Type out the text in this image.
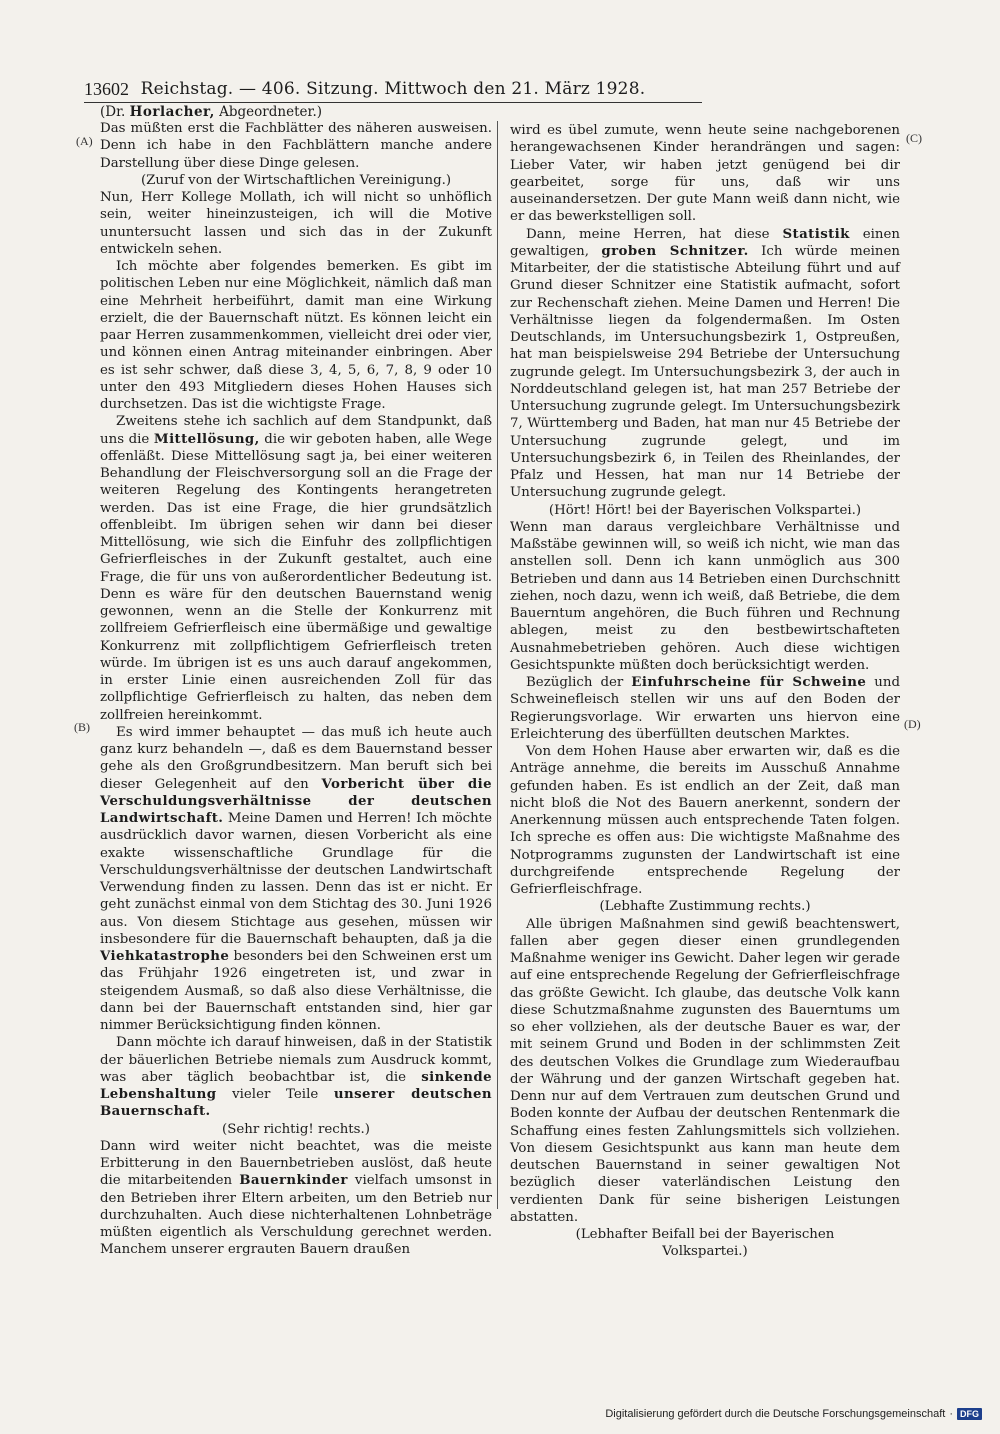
13602 Reichstag. — 406. Sitzung. Mittwoch den 21. März 1928.
(Dr. Horlacher, Abgeordneter.)
(A)
(B)
(C)
(D)

Das müßten erst die Fachblätter des näheren ausweisen. Denn ich habe in den Fachblättern manche andere Darstellung über diese Dinge gelesen.

(Zuruf von der Wirtschaftlichen Vereinigung.)

Nun, Herr Kollege Mollath, ich will nicht so unhöflich sein, weiter hineinzusteigen, ich will die Motive ununtersucht lassen und sich das in der Zukunft entwickeln sehen.

Ich möchte aber folgendes bemerken. Es gibt im politischen Leben nur eine Möglichkeit, nämlich daß man eine Mehrheit herbeiführt, damit man eine Wirkung erzielt, die der Bauernschaft nützt. Es können leicht ein paar Herren zusammenkommen, vielleicht drei oder vier, und können einen Antrag miteinander einbringen. Aber es ist sehr schwer, daß diese 3, 4, 5, 6, 7, 8, 9 oder 10 unter den 493 Mitgliedern dieses Hohen Hauses sich durchsetzen. Das ist die wichtigste Frage.

Zweitens stehe ich sachlich auf dem Standpunkt, daß uns die Mittellösung, die wir geboten haben, alle Wege offenläßt. Diese Mittellösung sagt ja, bei einer weiteren Behandlung der Fleischversorgung soll an die Frage der weiteren Regelung des Kontingents herangetreten werden. Das ist eine Frage, die hier grundsätzlich offenbleibt. Im übrigen sehen wir dann bei dieser Mittellösung, wie sich die Einfuhr des zollpflichtigen Gefrierfleisches in der Zukunft gestaltet, auch eine Frage, die für uns von außerordentlicher Bedeutung ist. Denn es wäre für den deutschen Bauernstand wenig gewonnen, wenn an die Stelle der Konkurrenz mit zollfreiem Gefrierfleisch eine übermäßige und gewaltige Konkurrenz mit zollpflichtigem Gefrierfleisch treten würde. Im übrigen ist es uns auch darauf angekommen, in erster Linie einen ausreichenden Zoll für das zollpflichtige Gefrierfleisch zu halten, das neben dem zollfreien hereinkommt.

Es wird immer behauptet — das muß ich heute auch ganz kurz behandeln —, daß es dem Bauernstand besser gehe als den Großgrundbesitzern. Man beruft sich bei dieser Gelegenheit auf den Vorbericht über die Verschuldungsverhältnisse der deutschen Landwirtschaft. Meine Damen und Herren! Ich möchte ausdrücklich davor warnen, diesen Vorbericht als eine exakte wissenschaftliche Grundlage für die Verschuldungsverhältnisse der deutschen Landwirtschaft Verwendung finden zu lassen. Denn das ist er nicht. Er geht zunächst einmal von dem Stichtag des 30. Juni 1926 aus. Von diesem Stichtage aus gesehen, müssen wir insbesondere für die Bauernschaft behaupten, daß ja die Viehkatastrophe besonders bei den Schweinen erst um das Frühjahr 1926 eingetreten ist, und zwar in steigendem Ausmaß, so daß also diese Verhältnisse, die dann bei der Bauernschaft entstanden sind, hier gar nimmer Berücksichtigung finden können.

Dann möchte ich darauf hinweisen, daß in der Statistik der bäuerlichen Betriebe niemals zum Ausdruck kommt, was aber täglich beobachtbar ist, die sinkende Lebenshaltung vieler Teile unserer deutschen Bauernschaft.

(Sehr richtig! rechts.)

Dann wird weiter nicht beachtet, was die meiste Erbitterung in den Bauernbetrieben auslöst, daß heute die mitarbeitenden Bauernkinder vielfach umsonst in den Betrieben ihrer Eltern arbeiten, um den Betrieb nur durchzuhalten. Auch diese nichterhaltenen Lohnbeträge müßten eigentlich als Verschuldung gerechnet werden. Manchem unserer ergrauten Bauern draußen

wird es übel zumute, wenn heute seine nachgeborenen herangewachsenen Kinder herandrängen und sagen: Lieber Vater, wir haben jetzt genügend bei dir gearbeitet, sorge für uns, daß wir uns auseinandersetzen. Der gute Mann weiß dann nicht, wie er das bewerkstelligen soll.

Dann, meine Herren, hat diese Statistik einen gewaltigen, groben Schnitzer. Ich würde meinen Mitarbeiter, der die statistische Abteilung führt und auf Grund dieser Schnitzer eine Statistik aufmacht, sofort zur Rechenschaft ziehen. Meine Damen und Herren! Die Verhältnisse liegen da folgendermaßen. Im Osten Deutschlands, im Untersuchungsbezirk 1, Ostpreußen, hat man beispielsweise 294 Betriebe der Untersuchung zugrunde gelegt. Im Untersuchungsbezirk 3, der auch in Norddeutschland gelegen ist, hat man 257 Betriebe der Untersuchung zugrunde gelegt. Im Untersuchungsbezirk 7, Württemberg und Baden, hat man nur 45 Betriebe der Untersuchung zugrunde gelegt, und im Untersuchungsbezirk 6, in Teilen des Rheinlandes, der Pfalz und Hessen, hat man nur 14 Betriebe der Untersuchung zugrunde gelegt.

(Hört! Hört! bei der Bayerischen Volkspartei.)

Wenn man daraus vergleichbare Verhältnisse und Maßstäbe gewinnen will, so weiß ich nicht, wie man das anstellen soll. Denn ich kann unmöglich aus 300 Betrieben und dann aus 14 Betrieben einen Durchschnitt ziehen, noch dazu, wenn ich weiß, daß Betriebe, die dem Bauerntum angehören, die Buch führen und Rechnung ablegen, meist zu den bestbewirtschafteten Ausnahmebetrieben gehören. Auch diese wichtigen Gesichtspunkte müßten doch berücksichtigt werden.

Bezüglich der Einfuhrscheine für Schweine und Schweinefleisch stellen wir uns auf den Boden der Regierungsvorlage. Wir erwarten uns hiervon eine Erleichterung des überfüllten deutschen Marktes.

Von dem Hohen Hause aber erwarten wir, daß es die Anträge annehme, die bereits im Ausschuß Annahme gefunden haben. Es ist endlich an der Zeit, daß man nicht bloß die Not des Bauern anerkennt, sondern der Anerkennung müssen auch entsprechende Taten folgen. Ich spreche es offen aus: Die wichtigste Maßnahme des Notprogramms zugunsten der Landwirtschaft ist eine durchgreifende entsprechende Regelung der Gefrierfleischfrage.

(Lebhafte Zustimmung rechts.)

Alle übrigen Maßnahmen sind gewiß beachtenswert, fallen aber gegen dieser einen grundlegenden Maßnahme weniger ins Gewicht. Daher legen wir gerade auf eine entsprechende Regelung der Gefrierfleischfrage das größte Gewicht. Ich glaube, das deutsche Volk kann diese Schutzmaßnahme zugunsten des Bauerntums um so eher vollziehen, als der deutsche Bauer es war, der mit seinem Grund und Boden in der schlimmsten Zeit des deutschen Volkes die Grundlage zum Wiederaufbau der Währung und der ganzen Wirtschaft gegeben hat. Denn nur auf dem Vertrauen zum deutschen Grund und Boden konnte der Aufbau der deutschen Rentenmark die Schaffung eines festen Zahlungsmittels sich vollziehen. Von diesem Gesichtspunkt aus kann man heute dem deutschen Bauernstand in seiner gewaltigen Not bezüglich dieser vaterländischen Leistung den verdienten Dank für seine bisherigen Leistungen abstatten.

(Lebhafter Beifall bei der Bayerischen

Volkspartei.)

Digitalisierung gefördert durch die Deutsche Forschungsgemeinschaft · DFG
